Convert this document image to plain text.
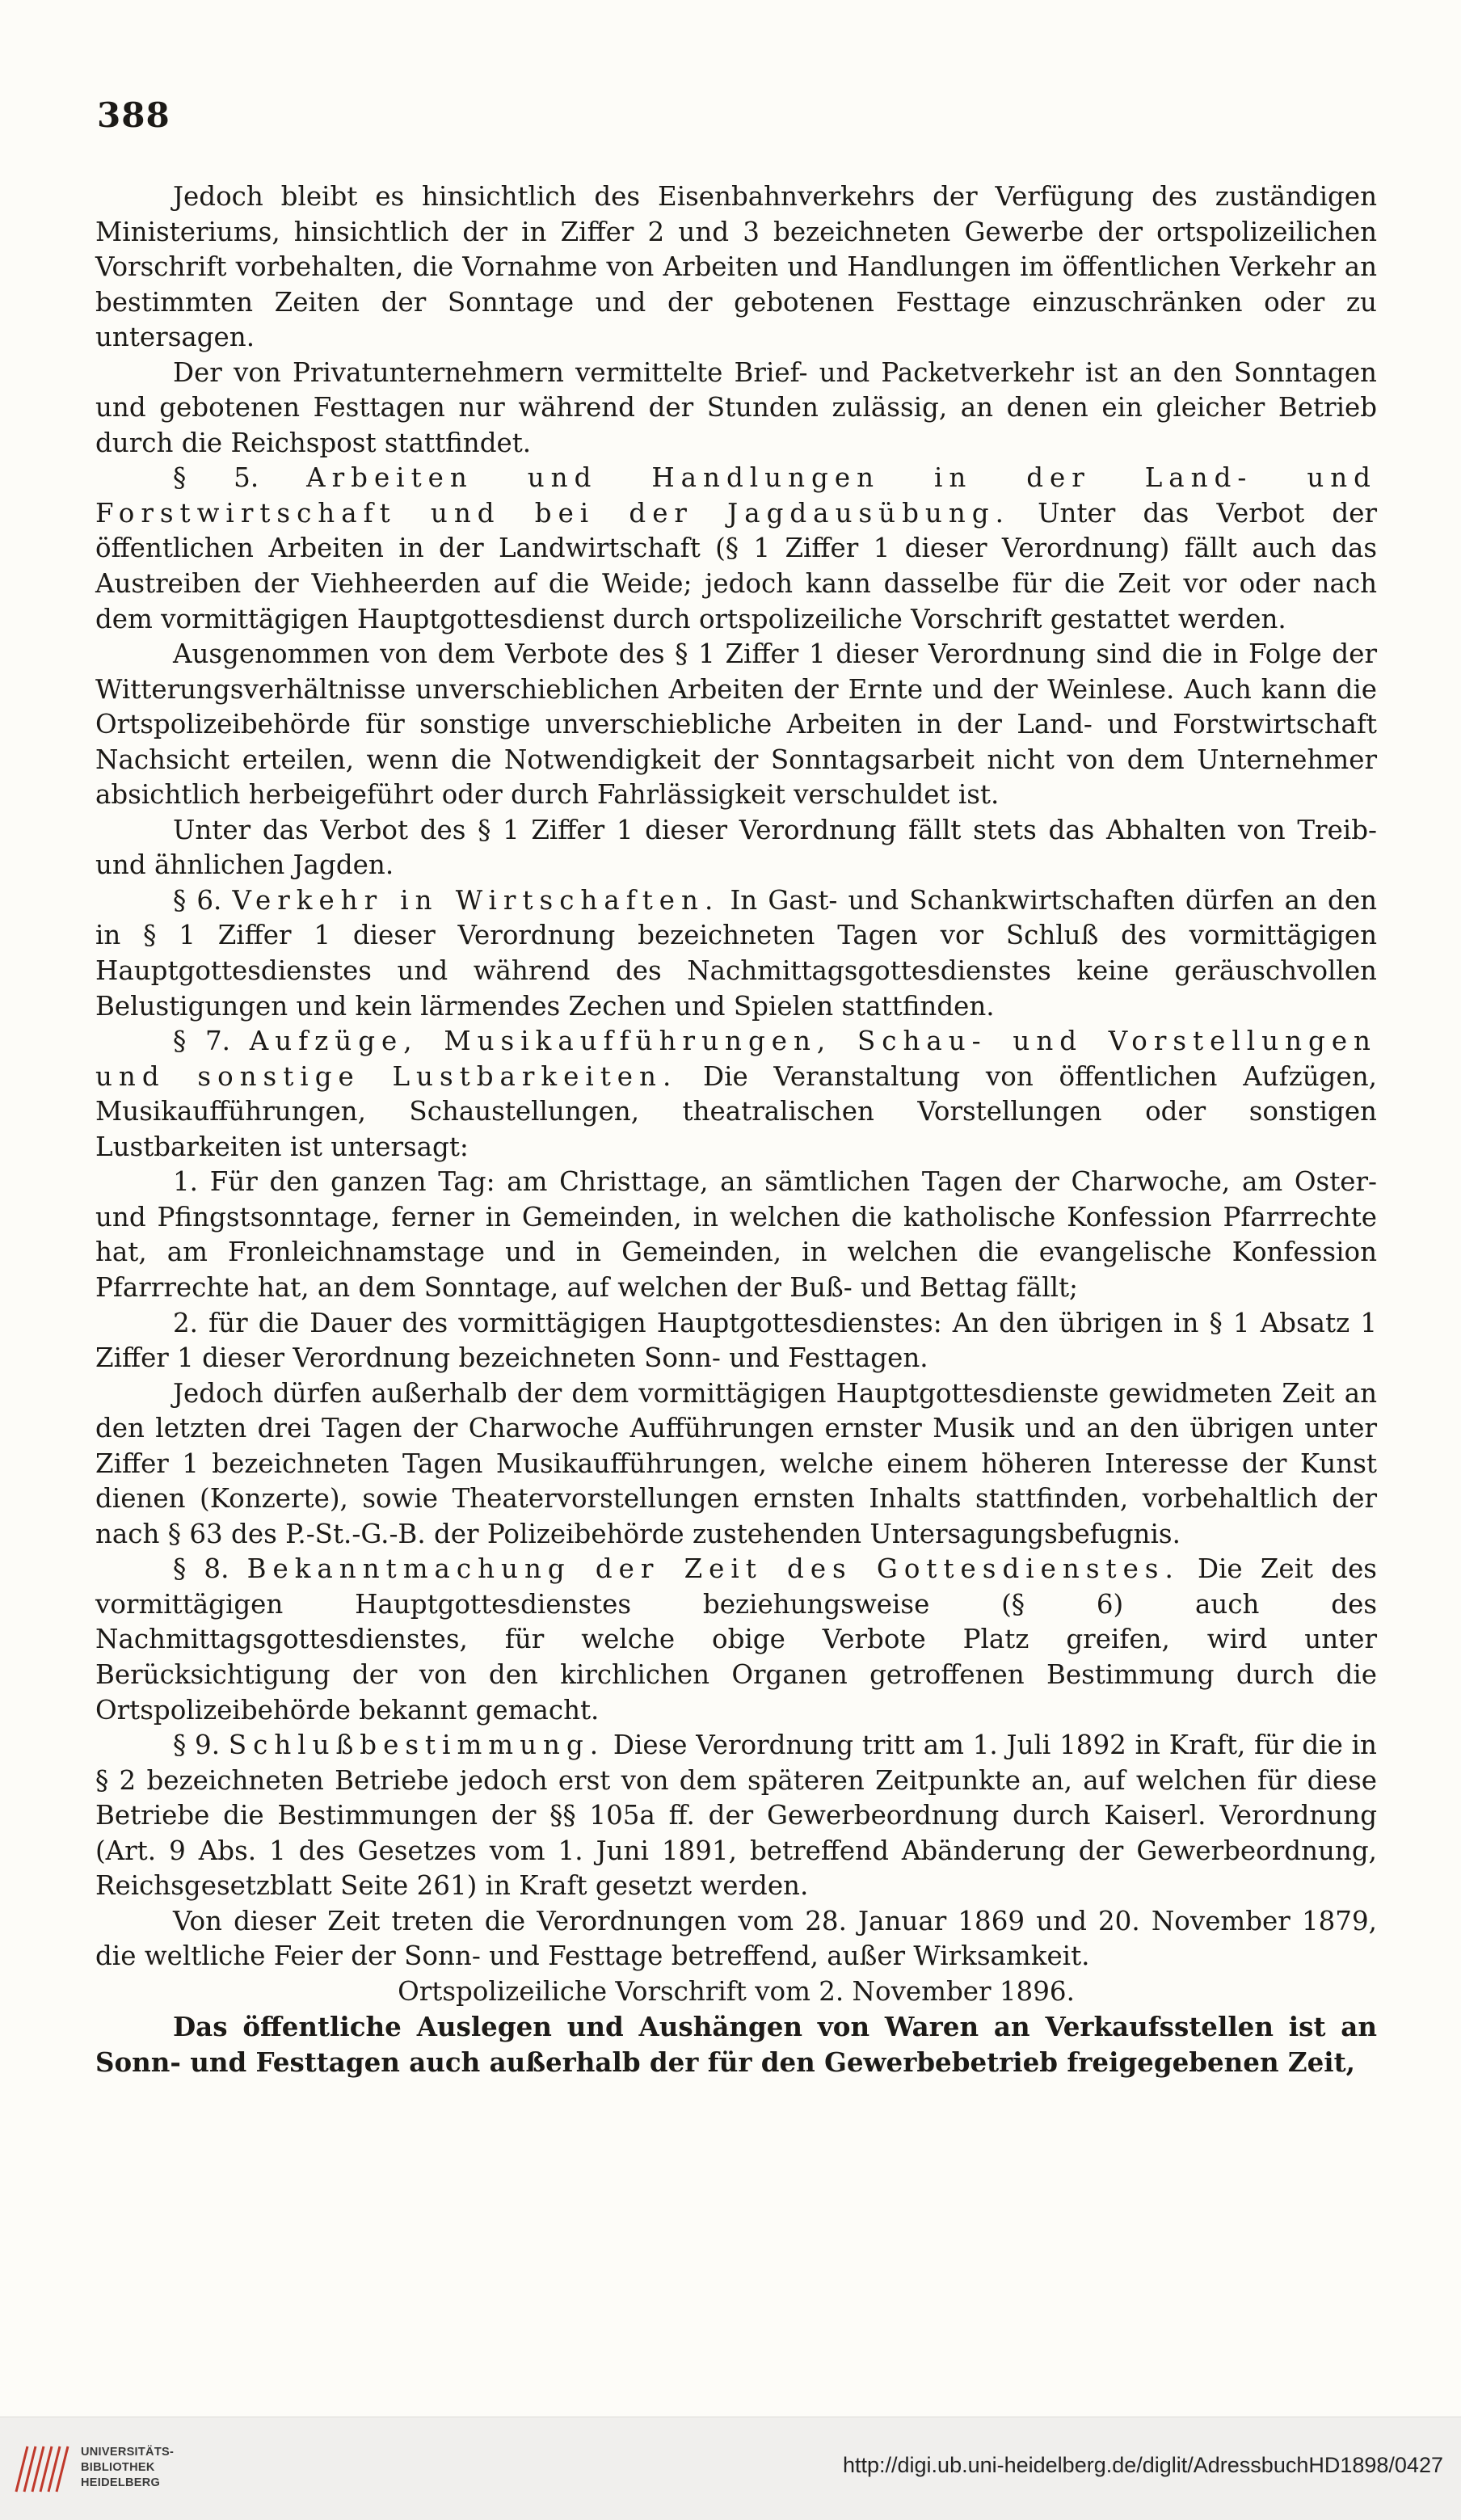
388

Jedoch bleibt es hinsichtlich des Eisenbahnverkehrs der Verfügung des zuständigen Ministeriums, hinsichtlich der in Ziffer 2 und 3 bezeichneten Gewerbe der ortspolizeilichen Vorschrift vorbehalten, die Vornahme von Arbeiten und Handlungen im öffentlichen Verkehr an bestimmten Zeiten der Sonntage und der gebotenen Festtage einzuschränken oder zu untersagen.

Der von Privatunternehmern vermittelte Brief- und Packetverkehr ist an den Sonntagen und gebotenen Festtagen nur während der Stunden zulässig, an denen ein gleicher Betrieb durch die Reichspost stattfindet.

§ 5. Arbeiten und Handlungen in der Land- und Forstwirtschaft und bei der Jagdausübung. Unter das Verbot der öffentlichen Arbeiten in der Landwirtschaft (§ 1 Ziffer 1 dieser Verordnung) fällt auch das Austreiben der Viehheerden auf die Weide; jedoch kann dasselbe für die Zeit vor oder nach dem vormittägigen Hauptgottesdienst durch ortspolizeiliche Vorschrift gestattet werden.

Ausgenommen von dem Verbote des § 1 Ziffer 1 dieser Verordnung sind die in Folge der Witterungsverhältnisse unverschieblichen Arbeiten der Ernte und der Weinlese. Auch kann die Ortspolizeibehörde für sonstige unverschiebliche Arbeiten in der Land- und Forstwirtschaft Nachsicht erteilen, wenn die Notwendigkeit der Sonntagsarbeit nicht von dem Unternehmer absichtlich herbeigeführt oder durch Fahrlässigkeit verschuldet ist.

Unter das Verbot des § 1 Ziffer 1 dieser Verordnung fällt stets das Abhalten von Treib- und ähnlichen Jagden.

§ 6. Verkehr in Wirtschaften. In Gast- und Schankwirtschaften dürfen an den in § 1 Ziffer 1 dieser Verordnung bezeichneten Tagen vor Schluß des vormittägigen Hauptgottesdienstes und während des Nachmittagsgottesdienstes keine geräuschvollen Belustigungen und kein lärmendes Zechen und Spielen stattfinden.

§ 7. Aufzüge, Musikaufführungen, Schau- und Vorstellungen und sonstige Lustbarkeiten. Die Veranstaltung von öffentlichen Aufzügen, Musikaufführungen, Schaustellungen, theatralischen Vorstellungen oder sonstigen Lustbarkeiten ist untersagt:

1. Für den ganzen Tag: am Christtage, an sämtlichen Tagen der Charwoche, am Oster- und Pfingstsonntage, ferner in Gemeinden, in welchen die katholische Konfession Pfarrrechte hat, am Fronleichnamstage und in Gemeinden, in welchen die evangelische Konfession Pfarrrechte hat, an dem Sonntage, auf welchen der Buß- und Bettag fällt;

2. für die Dauer des vormittägigen Hauptgottesdienstes: An den übrigen in § 1 Absatz 1 Ziffer 1 dieser Verordnung bezeichneten Sonn- und Festtagen.

Jedoch dürfen außerhalb der dem vormittägigen Hauptgottesdienste gewidmeten Zeit an den letzten drei Tagen der Charwoche Aufführungen ernster Musik und an den übrigen unter Ziffer 1 bezeichneten Tagen Musikaufführungen, welche einem höheren Interesse der Kunst dienen (Konzerte), sowie Theatervorstellungen ernsten Inhalts stattfinden, vorbehaltlich der nach § 63 des P.-St.-G.-B. der Polizeibehörde zustehenden Untersagungsbefugnis.

§ 8. Bekanntmachung der Zeit des Gottesdienstes. Die Zeit des vormittägigen Hauptgottesdienstes beziehungsweise (§ 6) auch des Nachmittagsgottesdienstes, für welche obige Verbote Platz greifen, wird unter Berücksichtigung der von den kirchlichen Organen getroffenen Bestimmung durch die Ortspolizeibehörde bekannt gemacht.

§ 9. Schlußbestimmung. Diese Verordnung tritt am 1. Juli 1892 in Kraft, für die in § 2 bezeichneten Betriebe jedoch erst von dem späteren Zeitpunkte an, auf welchen für diese Betriebe die Bestimmungen der §§ 105a ff. der Gewerbeordnung durch Kaiserl. Verordnung (Art. 9 Abs. 1 des Gesetzes vom 1. Juni 1891, betreffend Abänderung der Gewerbeordnung, Reichsgesetzblatt Seite 261) in Kraft gesetzt werden.

Von dieser Zeit treten die Verordnungen vom 28. Januar 1869 und 20. November 1879, die weltliche Feier der Sonn- und Festtage betreffend, außer Wirksamkeit.

Ortspolizeiliche Vorschrift vom 2. November 1896.

Das öffentliche Auslegen und Aushängen von Waren an Verkaufsstellen ist an Sonn- und Festtagen auch außerhalb der für den Gewerbebetrieb freigegebenen Zeit,

UNIVERSITÄTS-
BIBLIOTHEK
HEIDELBERG
http://digi.ub.uni-heidelberg.de/diglit/AdressbuchHD1898/0427
